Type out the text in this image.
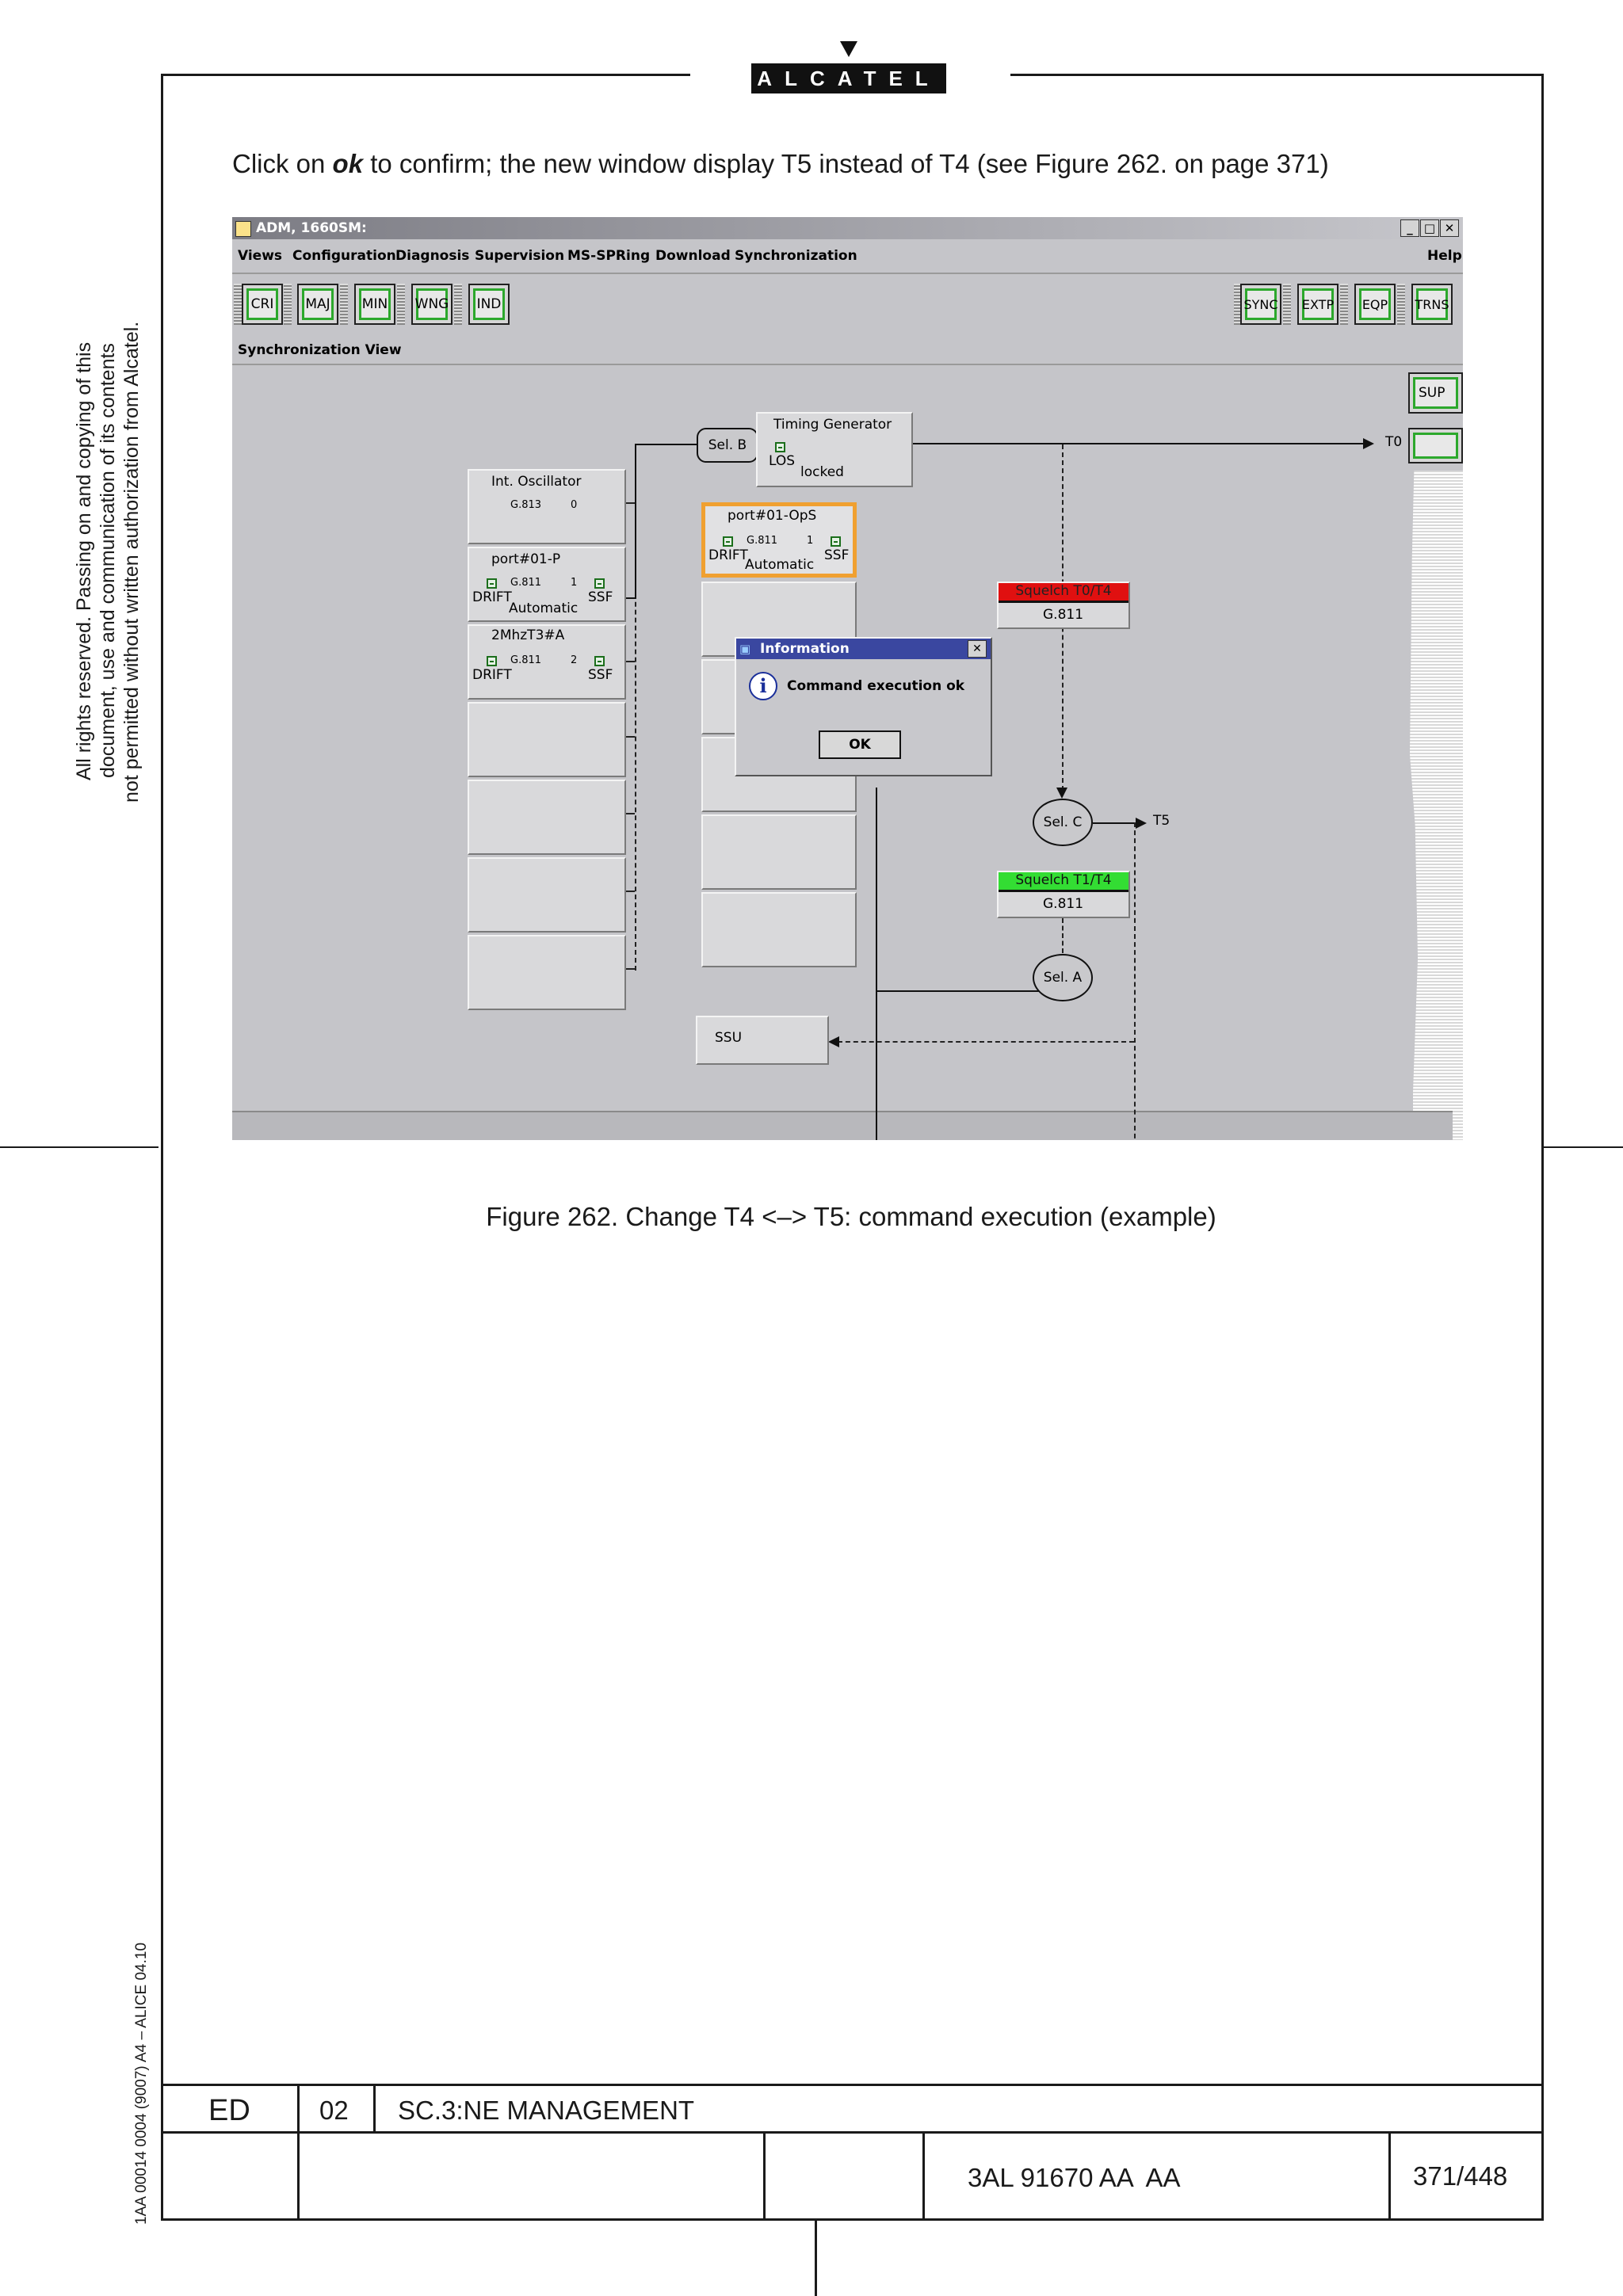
ALCATEL
All rights reserved. Passing on and copying of this document, use and communication of its contents not permitted without written authorization from Alcatel.
1AA 00014 0004 (9007) A4 – ALICE 04.10
Click on ok to confirm; the new window display T5 instead of T4 (see Figure 262. on page 371)
ADM, 1660SM:	_ □ ✕
Views Configuration Diagnosis Supervision MS-SPRing Download Synchronization	Help
CRI	MAJ MIN WNG IND	SYNC EXTP EQP TRNS
Synchronization View
SUP
Int. Oscillator
G.813	0
port#01-P
G.811	1
DRIFT	SSF
Automatic
2MhzT3#A
G.811	2
DRIFT	SSF
Sel. B
Timing Generator
LOS
locked
T0
port#01-OpS
G.811	1
DRIFT	SSF
Automatic
Squelch T0/T4
G.811
Sel. C	T5
Squelch T1/T4
G.811
Sel. A
SSU
▣ Information	✕
i	Command execution ok
OK
Figure 262. Change T4 <–> T5: command execution (example)
ED	02 SC.3:NE MANAGEMENT
3AL 91670 AA  AA	371/448
